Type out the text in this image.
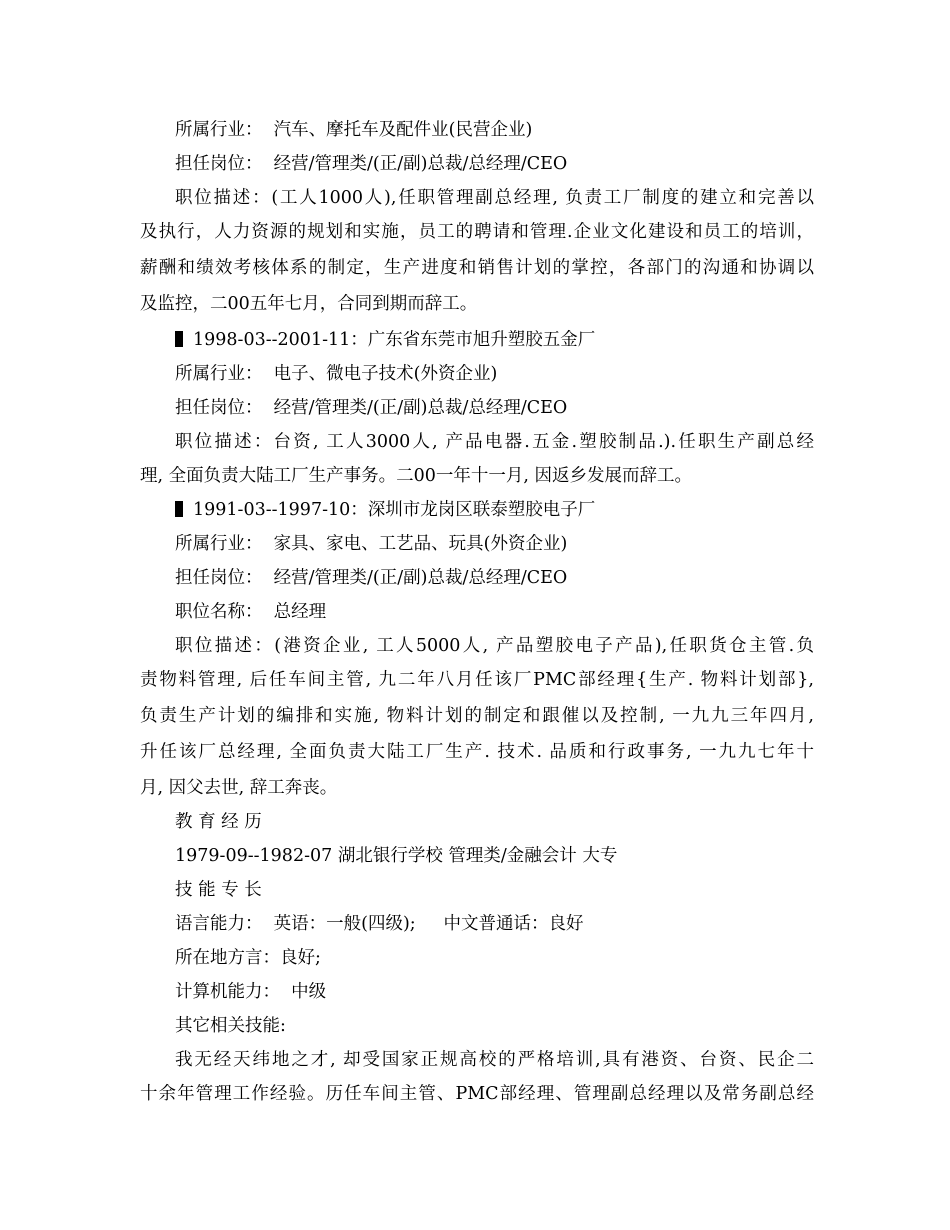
所属行业：  汽车、摩托车及配件业(民营企业)
担任岗位：  经营/管理类/(正/副)总裁/总经理/CEO
职位描述：(工人1000人),任职管理副总经理, 负责工厂制度的建立和完善以
及执行，人力资源的规划和实施，员工的聘请和管理.企业文化建设和员工的培训，
薪酬和绩效考核体系的制定，生产进度和销售计划的掌控，各部门的沟通和协调以
及监控，二00五年七月，合同到期而辞工。
1998-03--2001-11：广东省东莞市旭升塑胶五金厂
所属行业：  电子、微电子技术(外资企业)
担任岗位：  经营/管理类/(正/副)总裁/总经理/CEO
职位描述：台资, 工人3000人, 产品电器.五金.塑胶制品.).任职生产副总经
理, 全面负责大陆工厂生产事务。二00一年十一月, 因返乡发展而辞工。
1991-03--1997-10：深圳市龙岗区联泰塑胶电子厂
所属行业：  家具、家电、工艺品、玩具(外资企业)
担任岗位：  经营/管理类/(正/副)总裁/总经理/CEO
职位名称：  总经理
职位描述：(港资企业, 工人5000人, 产品塑胶电子产品),任职货仓主管.负
责物料管理, 后任车间主管, 九二年八月任该厂PMC部经理{生产. 物料计划部},
负责生产计划的编排和实施, 物料计划的制定和跟催以及控制, 一九九三年四月,
升任该厂总经理, 全面负责大陆工厂生产. 技术. 品质和行政事务, 一九九七年十
月, 因父去世, 辞工奔丧。
教 育 经 历
1979-09--1982-07 湖北银行学校 管理类/金融会计 大专
技 能 专 长
语言能力：  英语：一般(四级);     中文普通话：良好
所在地方言：良好;
计算机能力：  中级
其它相关技能:
我无经天纬地之才, 却受国家正规高校的严格培训,具有港资、台资、民企二
十余年管理工作经验。历任车间主管、PMC部经理、管理副总经理以及常务副总经
